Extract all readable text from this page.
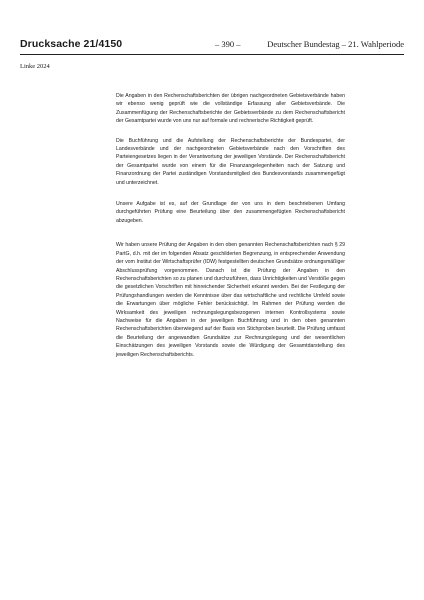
Drucksache 21/4150	– 390 –	Deutscher Bundestag – 21. Wahlperiode
Linke 2024

Die Angaben in den Rechenschaftsberichten der übrigen nachgeordneten Gebietsverbände haben wir ebenso wenig geprüft wie die vollständige Erfassung aller Gebietsverbände. Die Zusammenfügung der Rechenschaftsberichte der Gebietsverbände zu dem Rechenschaftsbericht der Gesamtpartei wurde von uns nur auf formale und rechnerische Richtigkeit geprüft.

Die Buchführung und die Aufstellung der Rechenschaftsberichte der Bundespartei, der Landesverbände und der nachgeordneten Gebietsverbände nach den Vorschriften des Parteiengesetzes liegen in der Verantwortung der jeweiligen Vorstände. Der Rechenschaftsbericht der Gesamtpartei wurde von einem für die Finanzangelegenheiten nach der Satzung und Finanzordnung der Partei zuständigen Vorstandsmitglied des Bundesvorstands zusammengefügt und unterzeichnet.

Unsere Aufgabe ist es, auf der Grundlage der von uns in dem beschriebenen Umfang durchgeführten Prüfung eine Beurteilung über den zusammengefügten Rechenschaftsbericht abzugeben.

Wir haben unsere Prüfung der Angaben in den oben genannten Rechenschaftsberichten nach § 29 PartG, d.h. mit der im folgenden Absatz geschilderten Begrenzung, in entsprechender Anwendung der vom Institut der Wirtschaftsprüfer (IDW) festgestellten deutschen Grundsätze ordnungsmäßiger Abschlussprüfung vorgenommen. Danach ist die Prüfung der Angaben in den Rechenschaftsberichten so zu planen und durchzuführen, dass Unrichtigkeiten und Verstöße gegen die gesetzlichen Vorschriften mit hinreichender Sicherheit erkannt werden. Bei der Festlegung der Prüfungshandlungen werden die Kenntnisse über das wirtschaftliche und rechtliche Umfeld sowie die Erwartungen über mögliche Fehler berücksichtigt. Im Rahmen der Prüfung werden die Wirksamkeit des jeweiligen rechnungslegungsbezogenen internen Kontrollsystems sowie Nachweise für die Angaben in der jeweiligen Buchführung und in den oben genannten Rechenschaftsberichten überwiegend auf der Basis von Stichproben beurteilt. Die Prüfung umfasst die Beurteilung der angewandten Grundsätze zur Rechnungslegung und der wesentlichen Einschätzungen des jeweiligen Vorstands sowie die Würdigung der Gesamtdarstellung des jeweiligen Rechenschaftsberichts.
